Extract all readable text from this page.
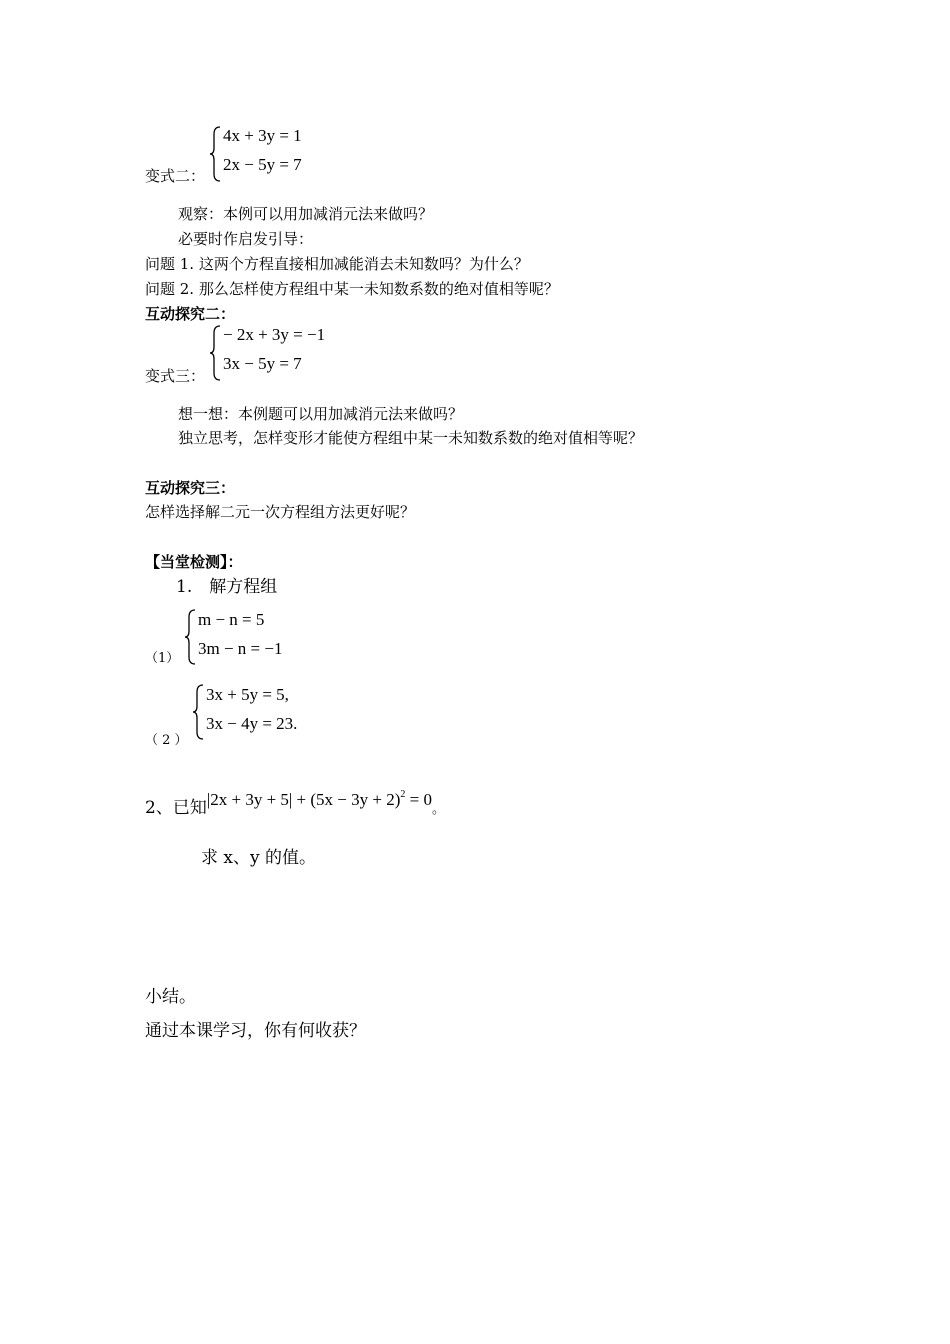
4x + 3y = 1
2x − 5y = 7
变式二：
观察：本例可以用加减消元法来做吗？
必要时作启发引导：
问题 1. 这两个方程直接相加减能消去未知数吗？为什么？
问题 2. 那么怎样使方程组中某一未知数系数的绝对值相等呢？
互动探究二：
− 2x + 3y = −1
3x − 5y = 7
变式三：
想一想：本例题可以用加减消元法来做吗？
独立思考，怎样变形才能使方程组中某一未知数系数的绝对值相等呢？
互动探究三：
怎样选择解二元一次方程组方法更好呢？
【当堂检测】：
1.　解方程组
m − n = 5
3m − n = −1
（1）
3x + 5y = 5,
3x − 4y = 23.
（ 2 ）
2、已知$|2x + 3y + 5| + (5x - 3y + 2)^2 = 0_。$
求 x、y 的值。
小结。
通过本课学习，你有何收获？
